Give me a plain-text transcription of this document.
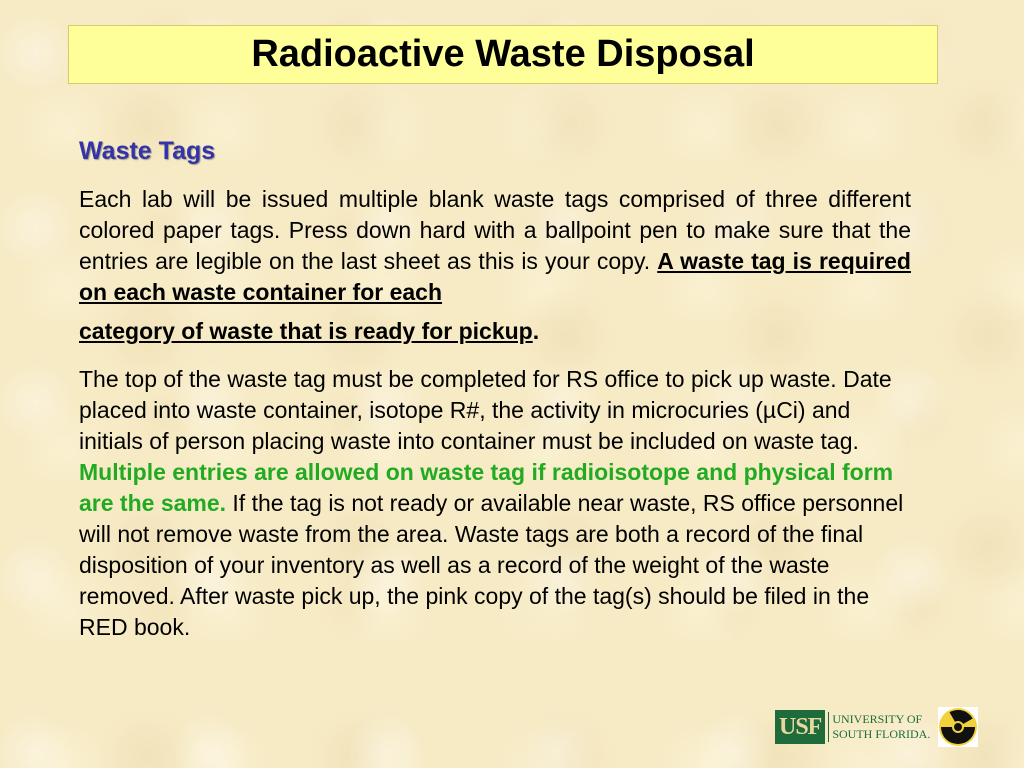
Radioactive Waste Disposal
Waste Tags

Each lab will be issued multiple blank waste tags comprised of three different colored paper tags. Press down hard with a ballpoint pen to make sure that the entries are legible on the last sheet as this is your copy. A waste tag is required on each waste container for each
category of waste that is ready for pickup.

The top of the waste tag must be completed for RS office to pick up waste. Date placed into waste container, isotope R#, the activity in microcuries (µCi) and initials of person placing waste into container must be included on waste tag. Multiple entries are allowed on waste tag if radioisotope and physical form are the same. If the tag is not ready or available near waste, RS office personnel will not remove waste from the area. Waste tags are both a record of the final disposition of your inventory as well as a record of the weight of the waste removed. After waste pick up, the pink copy of the tag(s) should be filed in the RED book.

USF UNIVERSITY OF
SOUTH FLORIDA.
